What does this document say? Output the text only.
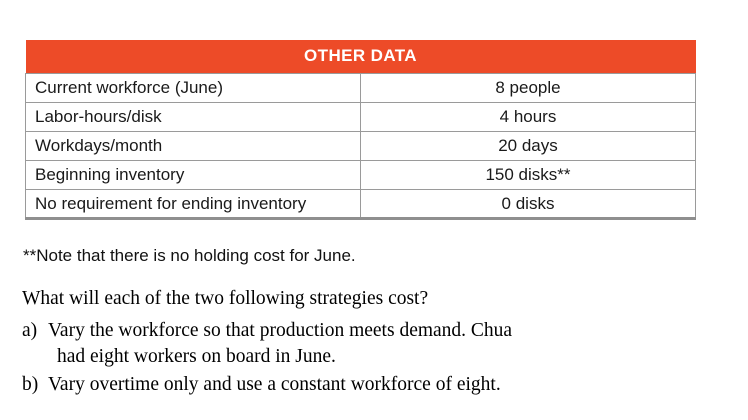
OTHER DATA	
Current workforce (June)	8 people
Labor-hours/disk	4 hours
Workdays/month	20 days
Beginning inventory	150 disks**
No requirement for ending inventory	0 disks
**Note that there is no holding cost for June.

What will each of the two following strategies cost?

a) Vary the workforce so that production meets demand. Chua
had eight workers on board in June.
b) Vary overtime only and use a constant workforce of eight.
